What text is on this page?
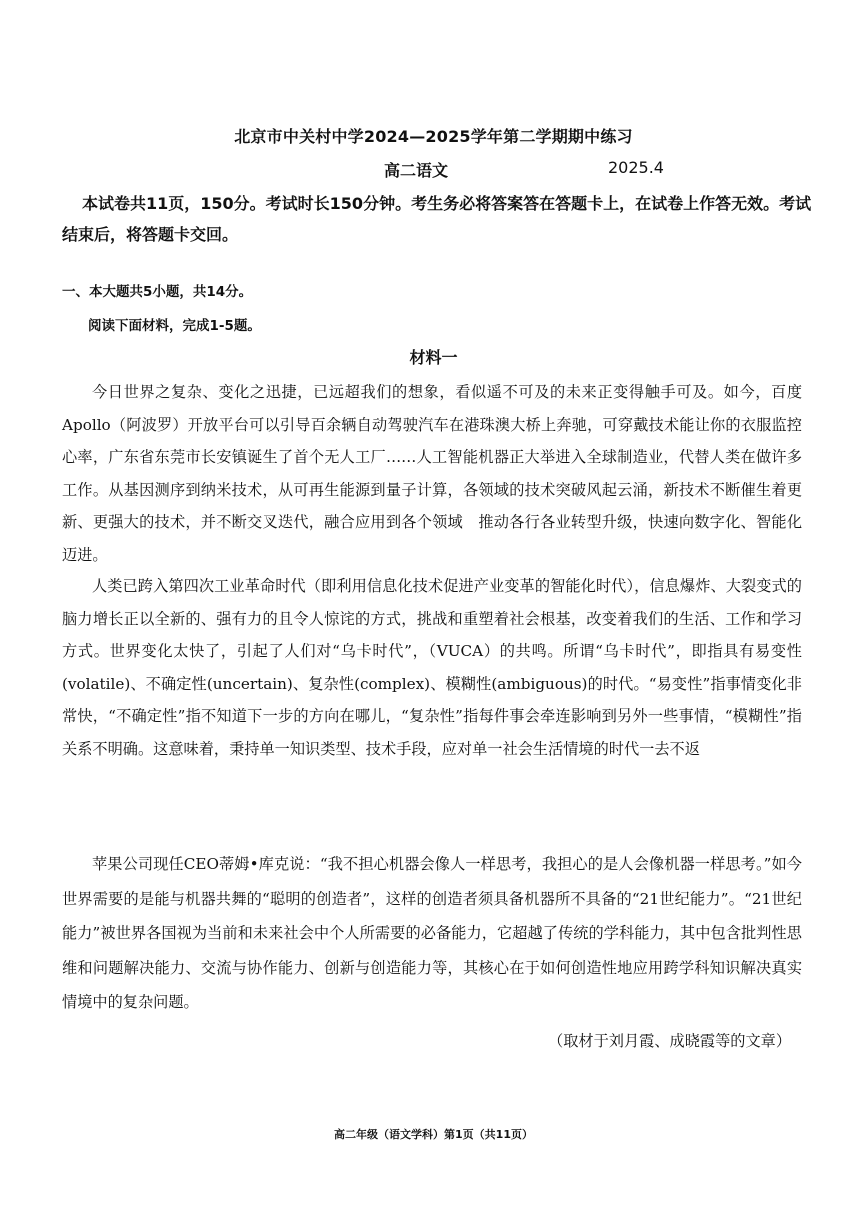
北京市中关村中学2024—2025学年第二学期期中练习
高二语文	2025.4
本试卷共11页，150分。考试时长150分钟。考生务必将答案答在答题卡上，在试卷上作答无效。考试结束后，将答题卡交回。
一、本大题共5小题，共14分。
阅读下面材料，完成1-5题。
材料一

今日世界之复杂、变化之迅捷，已远超我们的想象，看似遥不可及的未来正变得触手可及。如今，百度Apollo（阿波罗）开放平台可以引导百余辆自动驾驶汽车在港珠澳大桥上奔驰，可穿戴技术能让你的衣服监控心率，广东省东莞市长安镇诞生了首个无人工厂……人工智能机器正大举进入全球制造业，代替人类在做许多工作。从基因测序到纳米技术，从可再生能源到量子计算，各领域的技术突破风起云涌，新技术不断催生着更新、更强大的技术，并不断交叉迭代，融合应用到各个领域　推动各行各业转型升级，快速向数字化、智能化迈进。

人类已跨入第四次工业革命时代（即利用信息化技术促进产业变革的智能化时代），信息爆炸、大裂变式的脑力增长正以全新的、强有力的且令人惊诧的方式，挑战和重塑着社会根基，改变着我们的生活、工作和学习方式。世界变化太快了，引起了人们对“乌卡时代”，（VUCA）的共鸣。所谓“乌卡时代”，即指具有易变性(volatile)、不确定性(uncertain)、复杂性(complex)、模糊性(ambiguous)的时代。“易变性”指事情变化非常快，“不确定性”指不知道下一步的方向在哪儿，“复杂性”指每件事会牵连影响到另外一些事情，“模糊性”指关系不明确。这意味着，秉持单一知识类型、技术手段，应对单一社会生活情境的时代一去不返

苹果公司现任CEO蒂姆•库克说：“我不担心机器会像人一样思考，我担心的是人会像机器一样思考。”如今世界需要的是能与机器共舞的“聪明的创造者”，这样的创造者须具备机器所不具备的“21世纪能力”。“21世纪能力”被世界各国视为当前和未来社会中个人所需要的必备能力，它超越了传统的学科能力，其中包含批判性思维和问题解决能力、交流与协作能力、创新与创造能力等，其核心在于如何创造性地应用跨学科知识解决真实情境中的复杂问题。

（取材于刘月霞、成晓霞等的文章）
高二年级（语文学科）第1页（共11页）
